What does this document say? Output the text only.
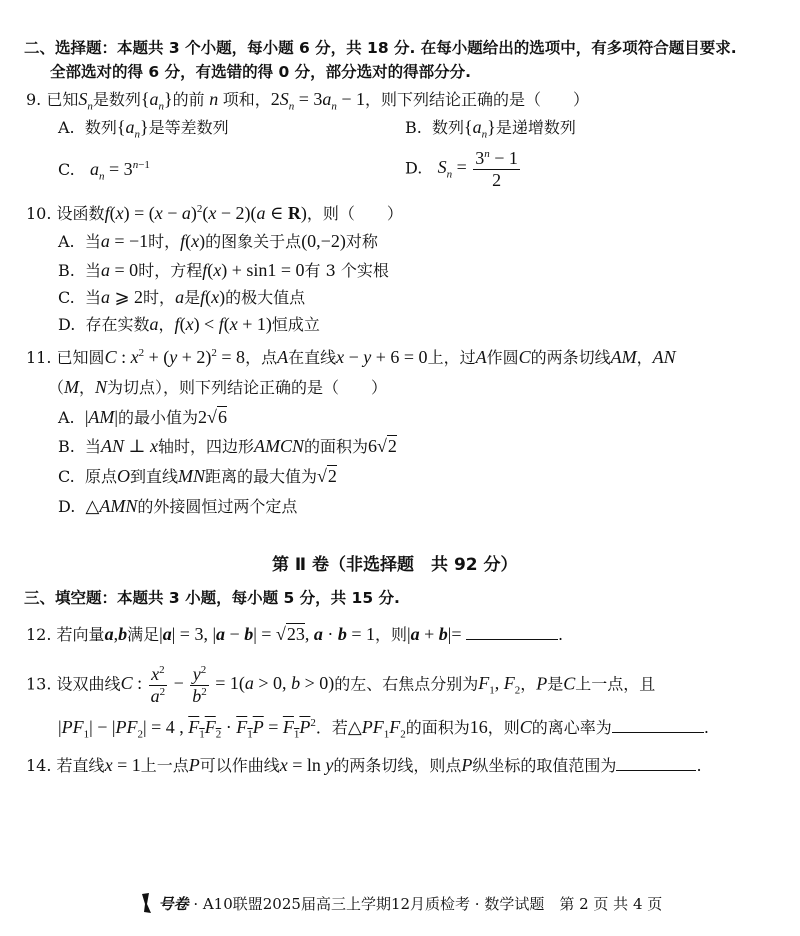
二、选择题：本题共 3 个小题，每小题 6 分，共 18 分. 在每小题给出的选项中，有多项符合题目要求.
全部选对的得 6 分，有选错的得 0 分，部分选对的得部分分.
9. 已知$S_n$是数列$\{a_n\}$的前 n 项和，$2S_n = 3a_n - 1$，则下列结论正确的是（　　）
A. 数列$\{a_n\}$是等差数列	B. 数列$\{a_n\}$是递增数列
C. $a_n = 3^{n-1}$	D. $S_n = \frac{3^n - 1}{2}$
10. 设函数$f(x) = (x - a)^2(x - 2)(a$ ∈ R)，则（　　）
A. 当a = −1时，f(x)的图象关于点(0,−2)对称
B. 当a = 0时，方程f(x) + sin1 = 0有 3 个实根
C. 当a ⩾ 2时，a是f(x)的极大值点
D. 存在实数a，f(x) < f(x + 1)恒成立
11. 已知圆C : $x^2 + (y + 2)^2 = 8$，点A在直线x − y + 6 = 0上，过A作圆C的两条切线AM，AN
（M，N为切点），则下列结论正确的是（　　）
A. |AM|的最小值为2√6
B. 当AN ⊥ x轴时，四边形AMCN的面积为6√2
C. 原点O到直线MN距离的最大值为√2
D. △AMN的外接圆恒过两个定点
第 Ⅱ 卷（非选择题　共 92 分）
三、填空题：本题共 3 小题，每小题 5 分，共 15 分.
12. 若向量a,b满足|a| = 3, |a − b| = √23, a · b = 1，则|a + b|=	.
13. 设双曲线C : $\frac{x^2}{a^2} - \frac{y^2}{b^2} = 1(a > 0$, b > 0)的左、右焦点分别为$F_1$, $F_2$，P是C上一点，且
$|PF_1| - |PF_2| = 4$ , $F_1F_2 \cdot F_1P = F_1P^2$．若$\triangle PF_1F_2$的面积为16，则C的离心率为	.
14. 若直线x = 1上一点P可以作曲线x = ln y的两条切线，则点P纵坐标的取值范围为	.
号卷 · A10联盟2025届高三上学期12月质检考 · 数学试题　第 2 页 共 4 页
